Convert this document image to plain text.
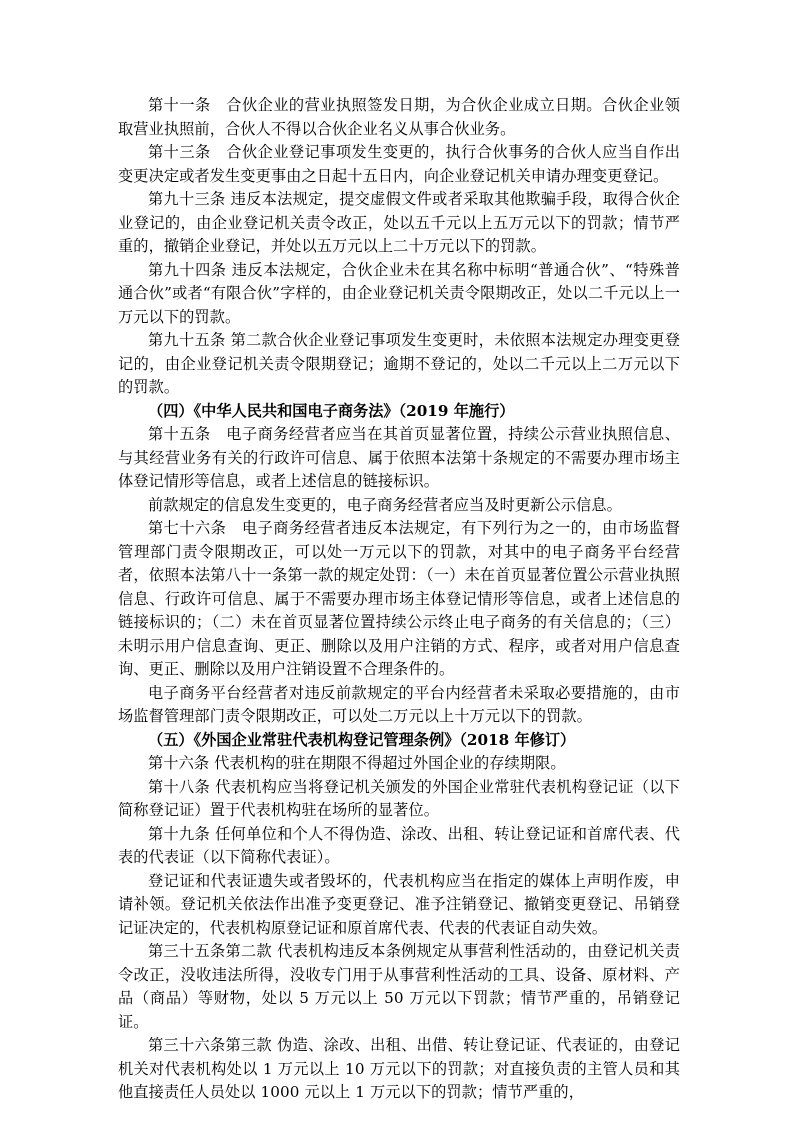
第十一条　合伙企业的营业执照签发日期，为合伙企业成立日期。合伙企业领取营业执照前，合伙人不得以合伙企业名义从事合伙业务。

第十三条　合伙企业登记事项发生变更的，执行合伙事务的合伙人应当自作出变更决定或者发生变更事由之日起十五日内，向企业登记机关申请办理变更登记。

第九十三条 违反本法规定，提交虚假文件或者采取其他欺骗手段，取得合伙企业登记的，由企业登记机关责令改正，处以五千元以上五万元以下的罚款；情节严重的，撤销企业登记，并处以五万元以上二十万元以下的罚款。

第九十四条 违反本法规定，合伙企业未在其名称中标明“普通合伙”、“特殊普通合伙”或者“有限合伙”字样的，由企业登记机关责令限期改正，处以二千元以上一万元以下的罚款。

第九十五条 第二款合伙企业登记事项发生变更时，未依照本法规定办理变更登记的，由企业登记机关责令限期登记；逾期不登记的，处以二千元以上二万元以下的罚款。

（四）《中华人民共和国电子商务法》（2019 年施行）

第十五条　电子商务经营者应当在其首页显著位置，持续公示营业执照信息、与其经营业务有关的行政许可信息、属于依照本法第十条规定的不需要办理市场主体登记情形等信息，或者上述信息的链接标识。

前款规定的信息发生变更的，电子商务经营者应当及时更新公示信息。

第七十六条　电子商务经营者违反本法规定，有下列行为之一的，由市场监督管理部门责令限期改正，可以处一万元以下的罚款，对其中的电子商务平台经营者，依照本法第八十一条第一款的规定处罚：（一）未在首页显著位置公示营业执照信息、行政许可信息、属于不需要办理市场主体登记情形等信息，或者上述信息的链接标识的；（二）未在首页显著位置持续公示终止电子商务的有关信息的；（三）未明示用户信息查询、更正、删除以及用户注销的方式、程序，或者对用户信息查询、更正、删除以及用户注销设置不合理条件的。

电子商务平台经营者对违反前款规定的平台内经营者未采取必要措施的，由市场监督管理部门责令限期改正，可以处二万元以上十万元以下的罚款。

（五）《外国企业常驻代表机构登记管理条例》（2018 年修订）

第十六条 代表机构的驻在期限不得超过外国企业的存续期限。

第十八条 代表机构应当将登记机关颁发的外国企业常驻代表机构登记证（以下简称登记证）置于代表机构驻在场所的显著位。

第十九条 任何单位和个人不得伪造、涂改、出租、转让登记证和首席代表、代表的代表证（以下简称代表证）。

登记证和代表证遗失或者毁坏的，代表机构应当在指定的媒体上声明作废，申请补领。登记机关依法作出准予变更登记、准予注销登记、撤销变更登记、吊销登记证决定的，代表机构原登记证和原首席代表、代表的代表证自动失效。

第三十五条第二款 代表机构违反本条例规定从事营利性活动的，由登记机关责令改正，没收违法所得，没收专门用于从事营利性活动的工具、设备、原材料、产品（商品）等财物，处以 5 万元以上 50 万元以下罚款；情节严重的，吊销登记证。

第三十六条第三款 伪造、涂改、出租、出借、转让登记证、代表证的，由登记机关对代表机构处以 1 万元以上 10 万元以下的罚款；对直接负责的主管人员和其他直接责任人员处以 1000 元以上 1 万元以下的罚款；情节严重的，
